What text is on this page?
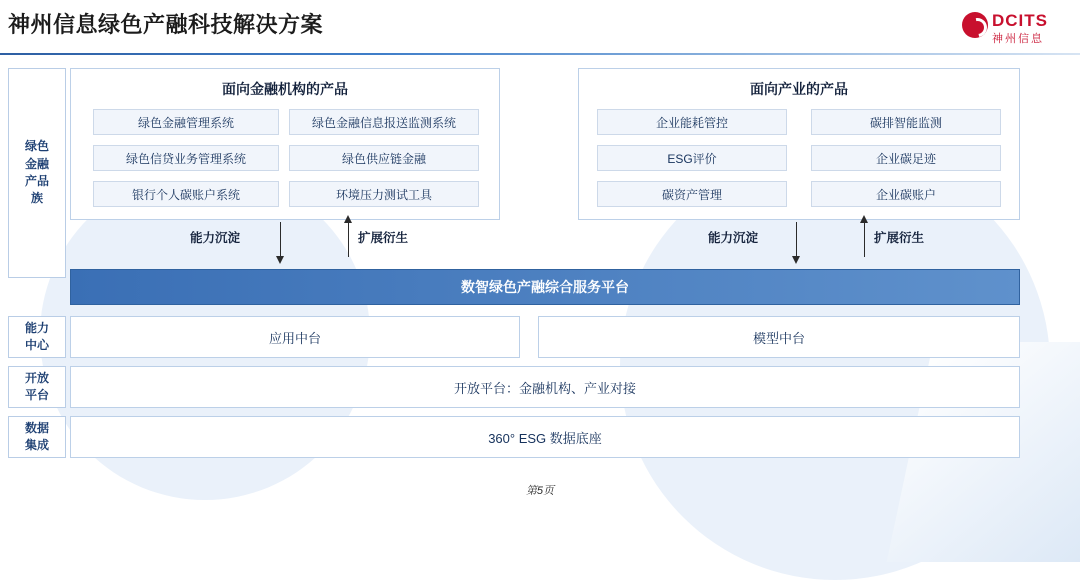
神州信息绿色产融科技解决方案	DCITS
神州信息
绿色
金融
产品
族
能力
中心
开放
平台
数据
集成
面向金融机构的产品
绿色金融管理系统	绿色金融信息报送监测系统
绿色信贷业务管理系统	绿色供应链金融
银行个人碳账户系统	环境压力测试工具
面向产业的产品
企业能耗管控	碳排智能监测
ESG评价	企业碳足迹
碳资产管理	企业碳账户
能力沉淀	扩展衍生	能力沉淀	扩展衍生
数智绿色产融综合服务平台
应用中台	模型中台
开放平台：金融机构、产业对接
360° ESG 数据底座
第5页
